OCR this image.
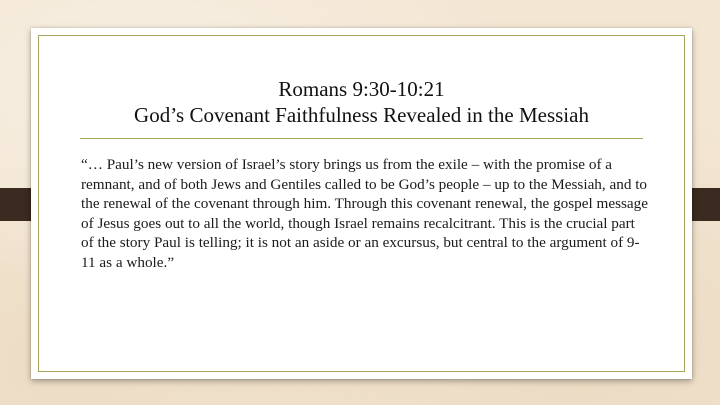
Romans 9:30-10:21
God’s Covenant Faithfulness Revealed in the Messiah
“… Paul’s new version of Israel’s story brings us from the exile – with the promise of a remnant, and of both Jews and Gentiles called to be God’s people – up to the Messiah, and to the renewal of the covenant through him. Through this covenant renewal, the gospel message of Jesus goes out to all the world, though Israel remains recalcitrant. This is the crucial part of the story Paul is telling; it is not an aside or an excursus, but central to the argument of 9-11 as a whole.”
